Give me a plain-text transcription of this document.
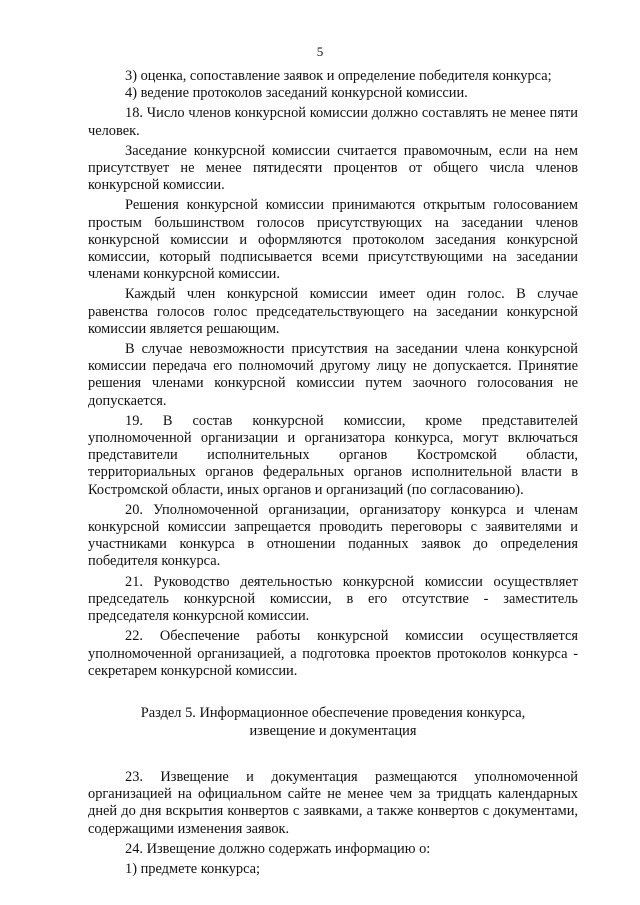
5

3) оценка, сопоставление заявок и определение победителя конкурса;

4) ведение протоколов заседаний конкурсной комиссии.

18. Число членов конкурсной комиссии должно составлять не менее пяти человек.

Заседание конкурсной комиссии считается правомочным, если на нем присутствует не менее пятидесяти процентов от общего числа членов конкурсной комиссии.

Решения конкурсной комиссии принимаются открытым голосованием простым большинством голосов присутствующих на заседании членов конкурсной комиссии и оформляются протоколом заседания конкурсной комиссии, который подписывается всеми присутствующими на заседании членами конкурсной комиссии.

Каждый член конкурсной комиссии имеет один голос. В случае равенства голосов голос председательствующего на заседании конкурсной комиссии является решающим.

В случае невозможности присутствия на заседании члена конкурсной комиссии передача его полномочий другому лицу не допускается. Принятие решения членами конкурсной комиссии путем заочного голосования не допускается.

19. В состав конкурсной комиссии, кроме представителей уполномоченной организации и организатора конкурса, могут включаться представители исполнительных органов Костромской области, территориальных органов федеральных органов исполнительной власти в Костромской области, иных органов и организаций (по согласованию).

20. Уполномоченной организации, организатору конкурса и членам конкурсной комиссии запрещается проводить переговоры с заявителями и участниками конкурса в отношении поданных заявок до определения победителя конкурса.

21. Руководство деятельностью конкурсной комиссии осуществляет председатель конкурсной комиссии, в его отсутствие - заместитель председателя конкурсной комиссии.

22. Обеспечение работы конкурсной комиссии осуществляется уполномоченной организацией, а подготовка проектов протоколов конкурса - секретарем конкурсной комиссии.

Раздел 5. Информационное обеспечение проведения конкурса,
извещение и документация

23. Извещение и документация размещаются уполномоченной организацией на официальном сайте не менее чем за тридцать календарных дней до дня вскрытия конвертов с заявками, а также конвертов с документами, содержащими изменения заявок.

24. Извещение должно содержать информацию о:

1) предмете конкурса;
